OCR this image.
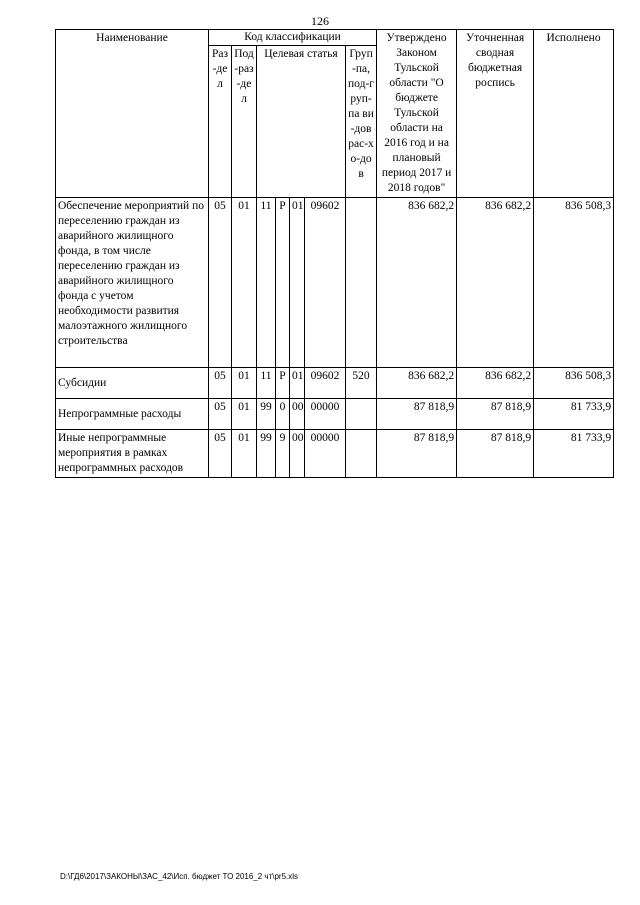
126
Наименование	Код классификации							Утверждено Законом Тульской области "О бюджете Тульской области на 2016 год и на плановый период 2017 и 2018 годов"	Уточненная сводная бюджетная роспись	Исполнено
	Раз-дел	Под-раз-дел	Целевая статья				Груп-па, под-груп-па ви-дов рас-хо-дов			
Обеспечение мероприятий по переселению граждан из аварийного жилищного фонда, в том числе переселению граждан из аварийного жилищного фонда с учетом необходимости развития малоэтажного жилищного строительства	05	01	11	Р	01	09602		836 682,2	836 682,2	836 508,3
Субсидии	05	01	11	Р	01	09602	520	836 682,2	836 682,2	836 508,3
Непрограммные расходы	05	01	99	0	00	00000		87 818,9	87 818,9	81 733,9
Иные непрограммные мероприятия в рамках непрограммных расходов	05	01	99	9	00	00000		87 818,9	87 818,9	81 733,9
D:\ГД6\2017\ЗАКОНЫ\ЗАС_42\Исп. бюджет ТО 2016_2 чт\pr5.xls
